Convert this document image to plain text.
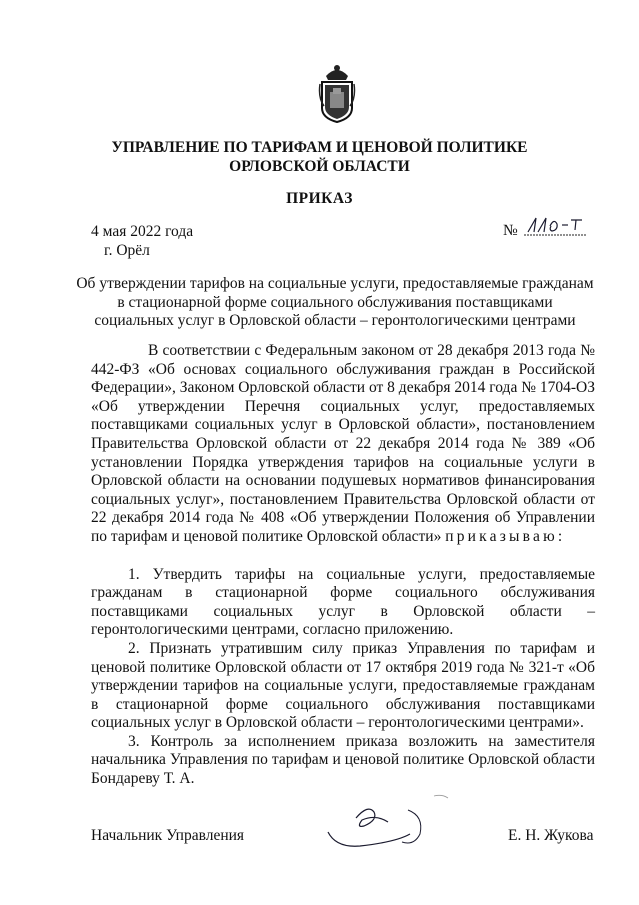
УПРАВЛЕНИЕ ПО ТАРИФАМ И ЦЕНОВОЙ ПОЛИТИКЕ
ОРЛОВСКОЙ ОБЛАСТИ
ПРИКАЗ
4 мая 2022 года
г. Орёл
№
Об утверждении тарифов на социальные услуги, предоставляемые гражданам
в стационарной форме социального обслуживания поставщиками
социальных услуг в Орловской области – геронтологическими центрами

В соответствии с Федеральным законом от 28 декабря 2013 года № 442-ФЗ «Об основах социального обслуживания граждан в Российской Федерации», Законом Орловской области от 8 декабря 2014 года № 1704-ОЗ «Об утверждении Перечня социальных услуг, предоставляемых поставщиками социальных услуг в Орловской области», постановлением Правительства Орловской области от 22 декабря 2014 года № 389 «Об установлении Порядка утверждения тарифов на социальные услуги в Орловской области на основании подушевых нормативов финансирования социальных услуг», постановлением Правительства Орловской области от 22 декабря 2014 года № 408 «Об утверждении Положения об Управлении по тарифам и ценовой политике Орловской области» приказываю:

1. Утвердить тарифы на социальные услуги, предоставляемые гражданам в стационарной форме социального обслуживания поставщиками социальных услуг в Орловской области – геронтологическими центрами, согласно приложению.

2. Признать утратившим силу приказ Управления по тарифам и ценовой политике Орловской области от 17 октября 2019 года № 321-т «Об утверждении тарифов на социальные услуги, предоставляемые гражданам в стационарной форме социального обслуживания поставщиками социальных услуг в Орловской области – геронтологическими центрами».

3. Контроль за исполнением приказа возложить на заместителя начальника Управления по тарифам и ценовой политике Орловской области Бондареву Т. А.

Начальник Управления	Е. Н. Жукова
